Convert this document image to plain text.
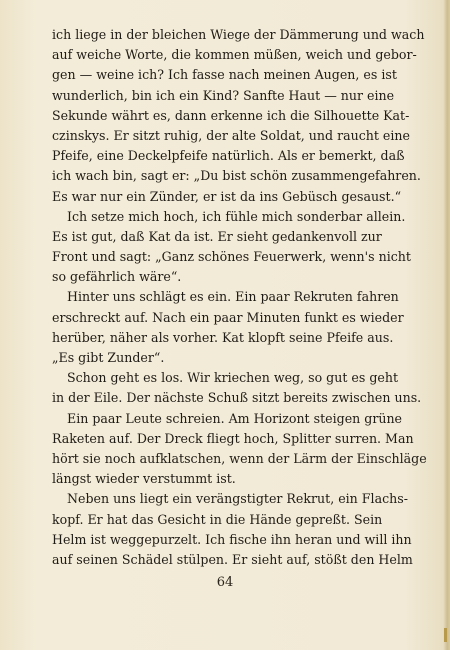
ich liege in der bleichen Wiege der Dämmerung und wach
auf weiche Worte, die kommen müßen, weich und gebor-
gen — weine ich? Ich fasse nach meinen Augen, es ist
wunderlich, bin ich ein Kind? Sanfte Haut — nur eine
Sekunde währt es, dann erkenne ich die Silhouette Kat-
czinskys. Er sitzt ruhig, der alte Soldat, und raucht eine
Pfeife, eine Deckelpfeife natürlich. Als er bemerkt, daß
ich wach bin, sagt er: „Du bist schön zusammengefahren.
Es war nur ein Zünder, er ist da ins Gebüsch gesaust.“
Ich setze mich hoch, ich fühle mich sonderbar allein.
Es ist gut, daß Kat da ist. Er sieht gedankenvoll zur
Front und sagt: „Ganz schönes Feuerwerk, wenn's nicht
so gefährlich wäre“.
Hinter uns schlägt es ein. Ein paar Rekruten fahren
erschreckt auf. Nach ein paar Minuten funkt es wieder
herüber, näher als vorher. Kat klopft seine Pfeife aus.
„Es gibt Zunder“.
Schon geht es los. Wir kriechen weg, so gut es geht
in der Eile. Der nächste Schuß sitzt bereits zwischen uns.
Ein paar Leute schreien. Am Horizont steigen grüne
Raketen auf. Der Dreck fliegt hoch, Splitter surren. Man
hört sie noch aufklatschen, wenn der Lärm der Einschläge
längst wieder verstummt ist.
Neben uns liegt ein verängstigter Rekrut, ein Flachs-
kopf. Er hat das Gesicht in die Hände gepreßt. Sein
Helm ist weggepurzelt. Ich fische ihn heran und will ihn
auf seinen Schädel stülpen. Er sieht auf, stößt den Helm
64
